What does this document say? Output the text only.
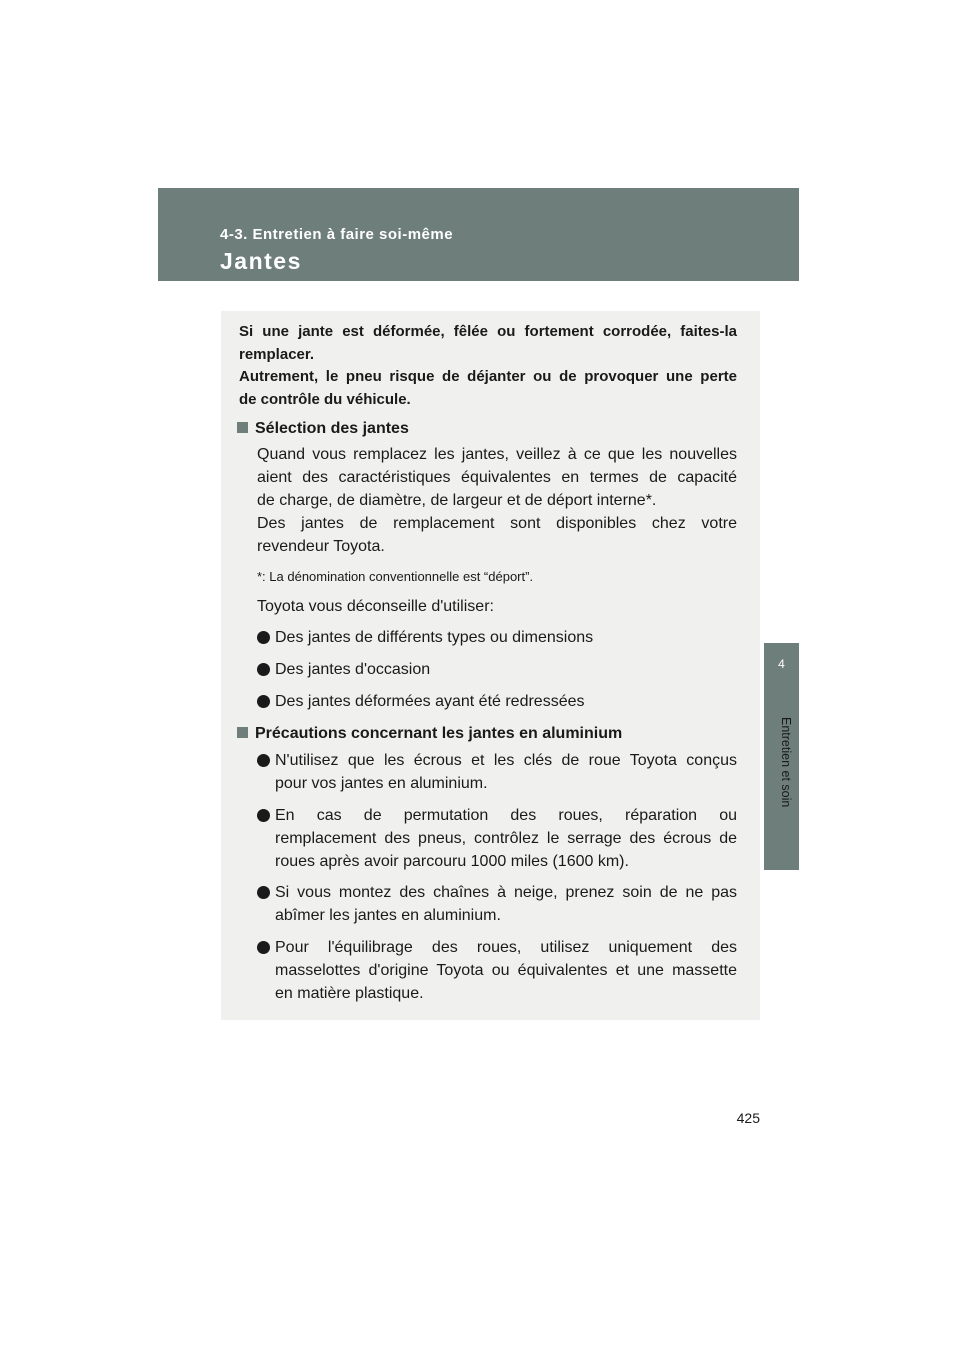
4-3. Entretien à faire soi-même
Jantes
4
Entretien et soin

Si une jante est déformée, fêlée ou fortement corrodée, faites-la

remplacer.

Autrement, le pneu risque de déjanter ou de provoquer une perte

de contrôle du véhicule.

Sélection des jantes

Quand vous remplacez les jantes, veillez à ce que les nouvelles

aient des caractéristiques équivalentes en termes de capacité

de charge, de diamètre, de largeur et de déport interne*.

Des jantes de remplacement sont disponibles chez votre

revendeur Toyota.

*: La dénomination conventionnelle est “déport”.

Toyota vous déconseille d'utiliser:

Des jantes de différents types ou dimensions
Des jantes d'occasion
Des jantes déformées ayant été redressées
Précautions concernant les jantes en aluminium
N'utilisez que les écrous et les clés de roue Toyota conçus
pour vos jantes en aluminium.
En cas de permutation des roues, réparation ou
remplacement des pneus, contrôlez le serrage des écrous de
roues après avoir parcouru 1000 miles (1600 km).
Si vous montez des chaînes à neige, prenez soin de ne pas
abîmer les jantes en aluminium.
Pour l'équilibrage des roues, utilisez uniquement des
masselottes d'origine Toyota ou équivalentes et une massette
en matière plastique.
425
